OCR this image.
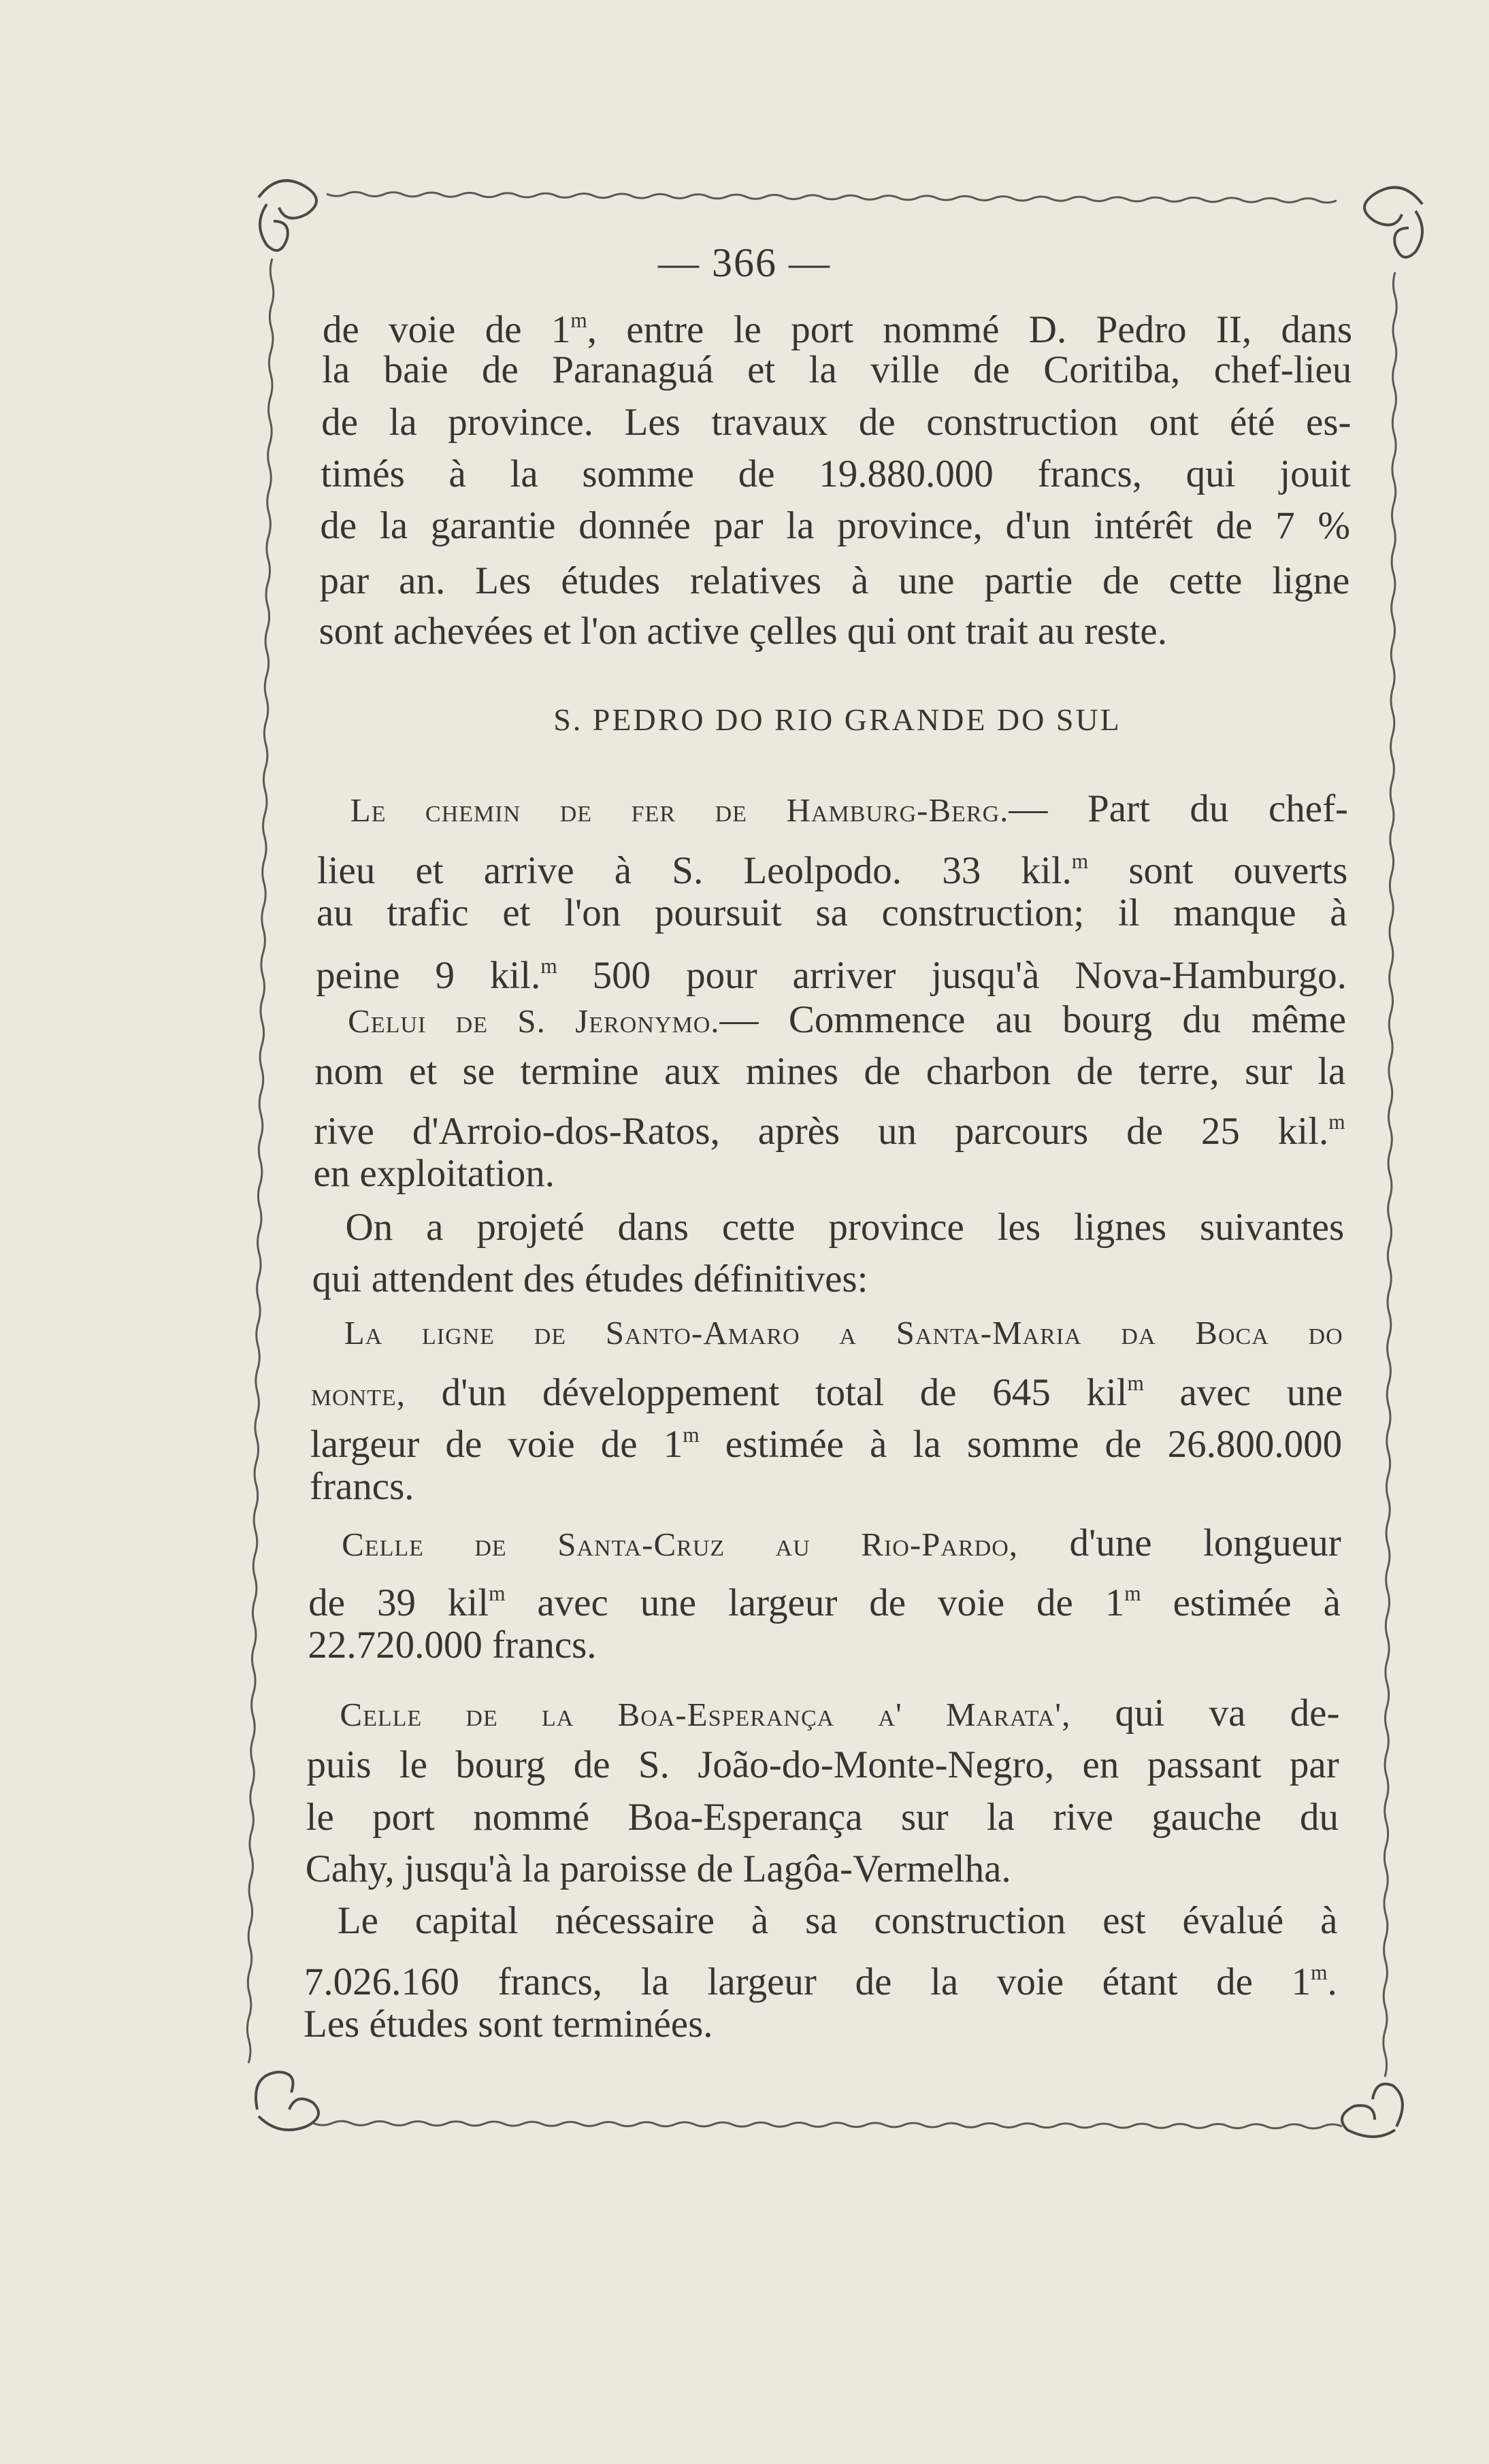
— 366 —
de voie de 1$^m$, entre le port nommé D. Pedro II, dans
la baie de Paranaguá et la ville de Coritiba, chef-lieu
de la province. Les travaux de construction ont été es-
timés à la somme de 19.880.000 francs, qui jouit
de la garantie donnée par la province, d'un intérêt de 7 %
par an. Les études relatives à une partie de cette ligne
sont achevées et l'on active çelles qui ont trait au reste.
S. PEDRO DO RIO GRANDE DO SUL
Le chemin de fer de Hamburg-Berg.— Part du chef-
lieu et arrive à S. Leolpodo. 33 kil.$^m$ sont ouverts
au trafic et l'on poursuit sa construction; il manque à
peine 9 kil.$^m$ 500 pour arriver jusqu'à Nova-Hamburgo.
Celui de S. Jeronymo.— Commence au bourg du même
nom et se termine aux mines de charbon de terre, sur la
rive d'Arroio-dos-Ratos, après un parcours de 25 kil.$^m$
en exploitation.
On a projeté dans cette province les lignes suivantes
qui attendent des études définitives:
La ligne de Santo-Amaro a Santa-Maria da Boca do
monte, d'un développement total de 645 kil$^m$ avec une
largeur de voie de 1$^m$ estimée à la somme de 26.800.000
francs.
Celle de Santa-Cruz au Rio-Pardo, d'une longueur
de 39 kil$^m$ avec une largeur de voie de 1$^m$ estimée à
22.720.000 francs.
Celle de la Boa-Esperança a' Marata', qui va de-
puis le bourg de S. João-do-Monte-Negro, en passant par
le port nommé Boa-Esperança sur la rive gauche du
Cahy, jusqu'à la paroisse de Lagôa-Vermelha.
Le capital nécessaire à sa construction est évalué à
7.026.160 francs, la largeur de la voie étant de 1$^m$.
Les études sont terminées.
